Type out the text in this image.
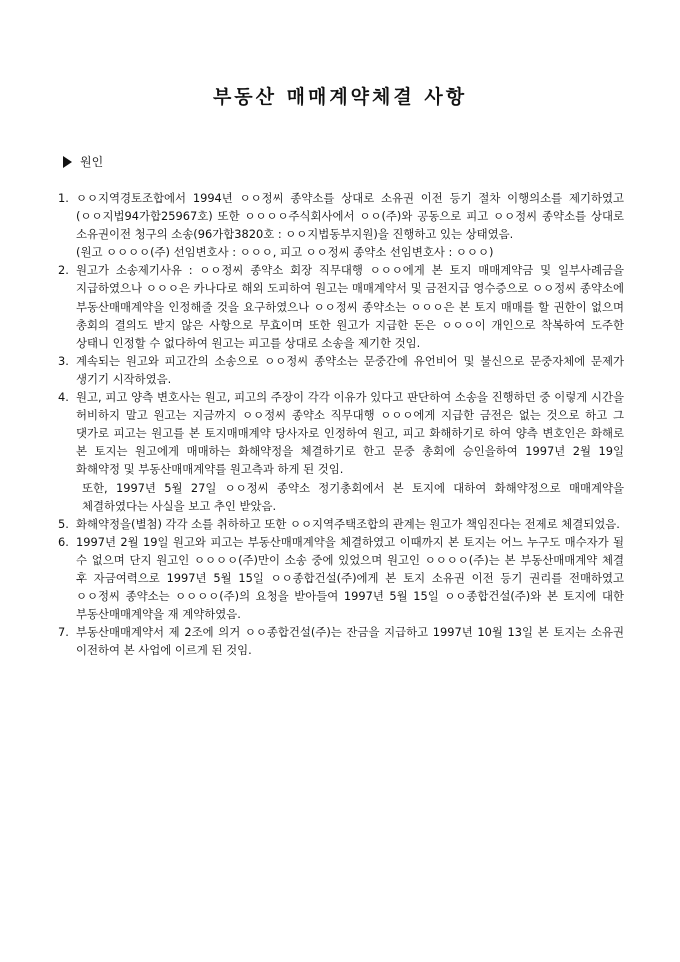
부동산 매매계약체결 사항
원인
1. ㅇㅇ지역경토조합에서 1994년 ㅇㅇ정씨 종약소를 상대로 소유권 이전 등기 절차 이행의소를 제기하였고(ㅇㅇ지법94가합25967호) 또한 ㅇㅇㅇㅇ주식회사에서 ㅇㅇ(주)와 공동으로 피고 ㅇㅇ정씨 종약소를 상대로 소유권이전 청구의 소송(96가합3820호 : ㅇㅇ지법동부지원)을 진행하고 있는 상태였음.
(원고 ㅇㅇㅇㅇ(주) 선임변호사 : ㅇㅇㅇ, 피고 ㅇㅇ정씨 종약소 선임변호사 : ㅇㅇㅇ)
2. 원고가 소송제기사유 : ㅇㅇ정씨 종약소 회장 직무대행 ㅇㅇㅇ에게 본 토지 매매계약금 및 일부사례금을 지급하였으나 ㅇㅇㅇ은 카나다로 해외 도피하여 원고는 매매계약서 및 금전지급 영수증으로 ㅇㅇ정씨 종약소에 부동산매매계약을 인정해줄 것을 요구하였으나 ㅇㅇ정씨 종약소는 ㅇㅇㅇ은 본 토지 매매를 할 권한이 없으며 총회의 결의도 받지 않은 사항으로 무효이며 또한 원고가 지급한 돈은 ㅇㅇㅇ이 개인으로 착복하여 도주한 상태니 인정할 수 없다하여 원고는 피고를 상대로 소송을 제기한 것임.
3. 계속되는 원고와 피고간의 소송으로 ㅇㅇ정씨 종약소는 문중간에 유언비어 및 불신으로 문중자체에 문제가 생기기 시작하였음.
4. 원고, 피고 양측 변호사는 원고, 피고의 주장이 각각 이유가 있다고 판단하여 소송을 진행하던 중 이렇게 시간을 허비하지 말고 원고는 지금까지 ㅇㅇ정씨 종약소 직무대행 ㅇㅇㅇ에게 지급한 금전은 없는 것으로 하고 그 댓가로 피고는 원고를 본 토지매매계약 당사자로 인정하여 원고, 피고 화해하기로 하여 양측 변호인은 화해로 본 토지는 원고에게 매매하는 화해약정을 체결하기로 한고 문중 총회에 승인을하여 1997년 2월 19일 화해약정 및 부동산매매계약를 원고측과 하게 된 것임.
또한, 1997년 5월 27일 ㅇㅇ정씨 종약소 정기총회에서 본 토지에 대하여 화해약정으로 매매계약을 체결하였다는 사실을 보고 추인 받았음.
5. 화해약정을(별첨) 각각 소를 취하하고 또한 ㅇㅇ지역주택조합의 관계는 원고가 책임진다는 전제로 체결되었음.
6. 1997년 2월 19일 원고와 피고는 부동산매매계약을 체결하였고 이때까지 본 토지는 어느 누구도 매수자가 될 수 없으며 단지 원고인 ㅇㅇㅇㅇ(주)만이 소송 중에 있었으며 원고인 ㅇㅇㅇㅇ(주)는 본 부동산매매계약 체결 후 자금여력으로 1997년 5월 15일 ㅇㅇ종합건설(주)에게 본 토지 소유권 이전 등기 권리를 전매하였고 ㅇㅇ정씨 종약소는 ㅇㅇㅇㅇ(주)의 요청을 받아들여 1997년 5월 15일 ㅇㅇ종합건설(주)와 본 토지에 대한 부동산매매계약을 재 계약하였음.
7. 부동산매매계약서 제 2조에 의거 ㅇㅇ종합건설(주)는 잔금을 지급하고 1997년 10월 13일 본 토지는 소유권 이전하여 본 사업에 이르게 된 것임.
